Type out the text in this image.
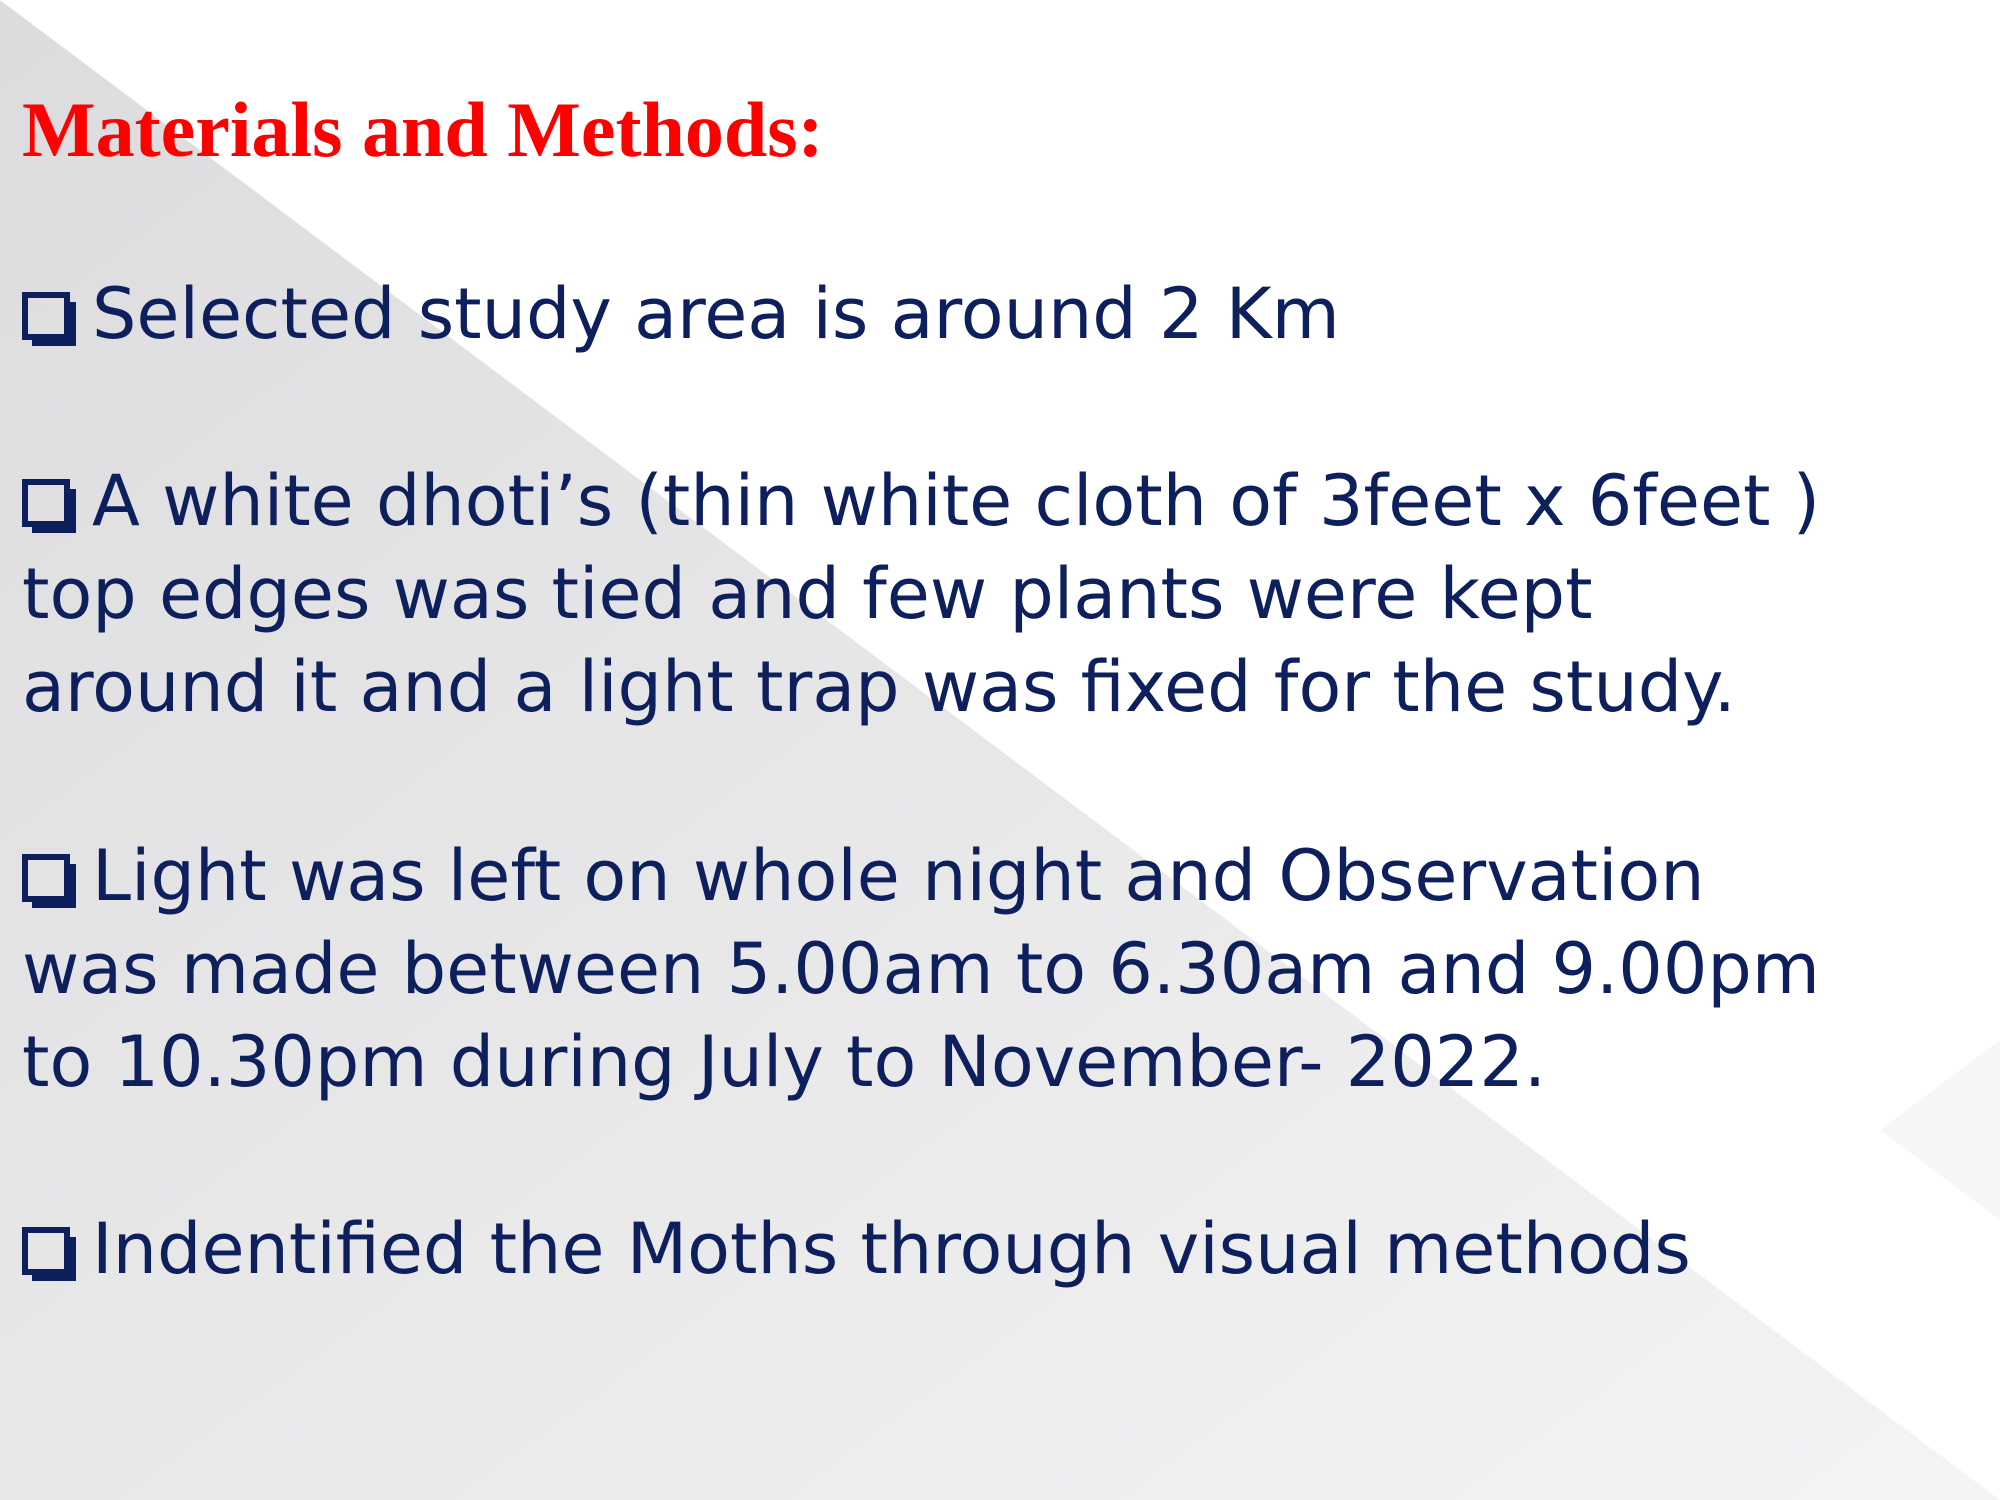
Materials and Methods:

Selected study area is around 2 Km

A white dhoti’s (thin white cloth of 3feet x 6feet )
top edges was tied and few plants were kept
around it and a light trap was fixed for the study.

Light was left on whole night and Observation
was made between 5.00am to 6.30am and 9.00pm
to 10.30pm during July to November- 2022.

Indentified the Moths through visual methods
